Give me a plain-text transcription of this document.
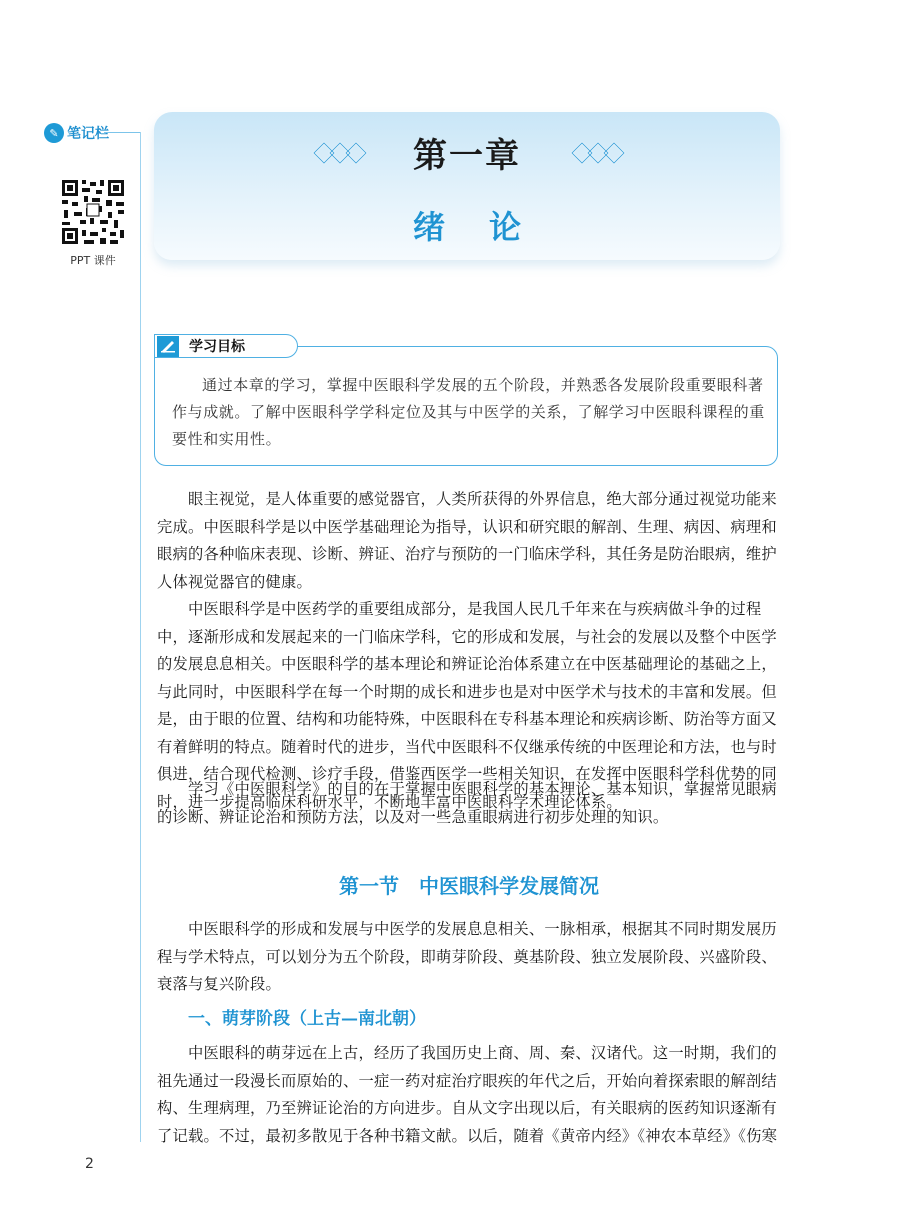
✎ 笔记栏
PPT 课件
第一章
绪论
学习目标

通过本章的学习，掌握中医眼科学发展的五个阶段，并熟悉各发展阶段重要眼科著作与成就。了解中医眼科学学科定位及其与中医学的关系，了解学习中医眼科课程的重要性和实用性。

眼主视觉，是人体重要的感觉器官，人类所获得的外界信息，绝大部分通过视觉功能来完成。中医眼科学是以中医学基础理论为指导，认识和研究眼的解剖、生理、病因、病理和眼病的各种临床表现、诊断、辨证、治疗与预防的一门临床学科，其任务是防治眼病，维护人体视觉器官的健康。

中医眼科学是中医药学的重要组成部分，是我国人民几千年来在与疾病做斗争的过程中，逐渐形成和发展起来的一门临床学科，它的形成和发展，与社会的发展以及整个中医学的发展息息相关。中医眼科学的基本理论和辨证论治体系建立在中医基础理论的基础之上，与此同时，中医眼科学在每一个时期的成长和进步也是对中医学术与技术的丰富和发展。但是，由于眼的位置、结构和功能特殊，中医眼科在专科基本理论和疾病诊断、防治等方面又有着鲜明的特点。随着时代的进步，当代中医眼科不仅继承传统的中医理论和方法，也与时俱进，结合现代检测、诊疗手段，借鉴西医学一些相关知识，在发挥中医眼科学科优势的同时，进一步提高临床科研水平，不断地丰富中医眼科学术理论体系。

学习《中医眼科学》的目的在于掌握中医眼科学的基本理论、基本知识，掌握常见眼病的诊断、辨证论治和预防方法，以及对一些急重眼病进行初步处理的知识。

第一节　中医眼科学发展简况

中医眼科学的形成和发展与中医学的发展息息相关、一脉相承，根据其不同时期发展历程与学术特点，可以划分为五个阶段，即萌芽阶段、奠基阶段、独立发展阶段、兴盛阶段、衰落与复兴阶段。

一、萌芽阶段（上古—南北朝）

中医眼科的萌芽远在上古，经历了我国历史上商、周、秦、汉诸代。这一时期，我们的祖先通过一段漫长而原始的、一症一药对症治疗眼疾的年代之后，开始向着探索眼的解剖结构、生理病理，乃至辨证论治的方向进步。自从文字出现以后，有关眼病的医药知识逐渐有了记载。不过，最初多散见于各种书籍文献。以后，随着《黄帝内经》《神农本草经》《伤寒

2
